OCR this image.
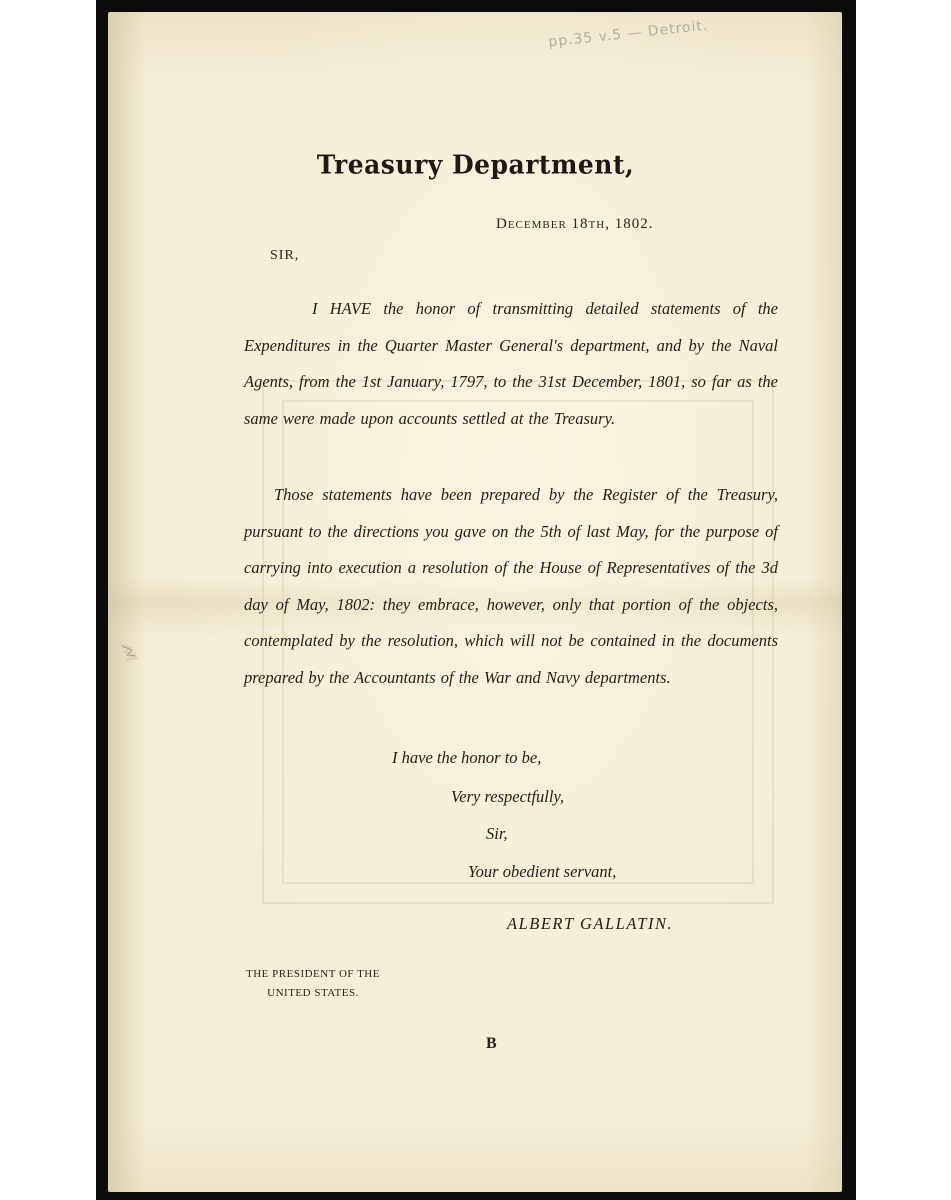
pp.35 v.5 — Detroit.
Treasury Department,
December 18th, 1802.
SIR,
I HAVE the honor of transmitting detailed statements of the Expenditures in the Quarter Master General's department, and by the Naval Agents, from the 1st January, 1797, to the 31st December, 1801, so far as the same were made upon accounts settled at the Treasury.
Those statements have been prepared by the Register of the Treasury, pursuant to the directions you gave on the 5th of last May, for the purpose of carrying into execution a resolution of the House of Representatives of the 3d day of May, 1802: they embrace, however, only that portion of the objects, contemplated by the resolution, which will not be contained in the documents prepared by the Accountants of the War and Navy departments.
I have the honor to be,
Very respectfully,
Sir,
Your obedient servant,
ALBERT GALLATIN.
THE PRESIDENT OF THE
UNITED STATES.
B
